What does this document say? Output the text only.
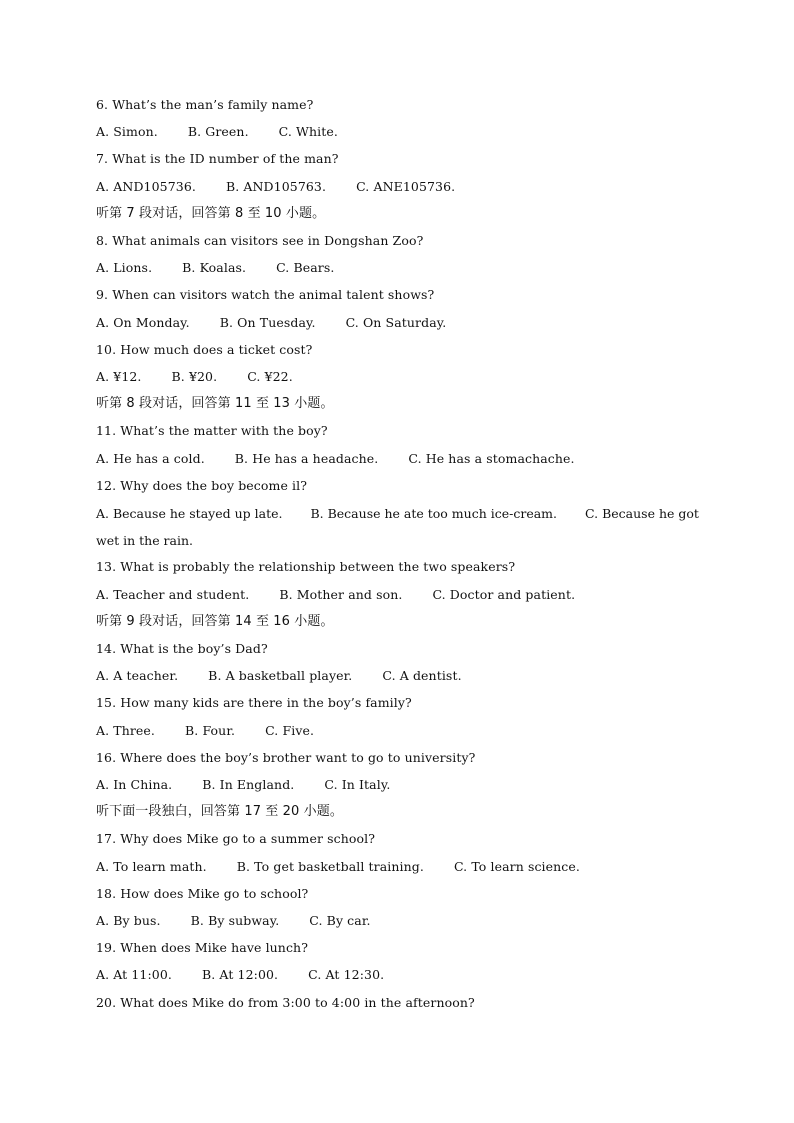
6. What’s the man’s family name?
A. Simon. B. Green. C. White.
7. What is the ID number of the man?
A. AND105736. B. AND105763. C. ANE105736.
听第 7 段对话，回答第 8 至 10 小题。
8. What animals can visitors see in Dongshan Zoo?
A. Lions. B. Koalas. C. Bears.
9. When can visitors watch the animal talent shows?
A. On Monday. B. On Tuesday. C. On Saturday.
10. How much does a ticket cost?
A. ¥12. B. ¥20. C. ¥22.
听第 8 段对话，回答第 11 至 13 小题。
11. What’s the matter with the boy?
A. He has a cold. B. He has a headache. C. He has a stomachache.
12. Why does the boy become il?
A. Because he stayed up late. B. Because he ate too much ice-cream. C. Because he got wet in the rain.
13. What is probably the relationship between the two speakers?
A. Teacher and student. B. Mother and son. C. Doctor and patient.
听第 9 段对话，回答第 14 至 16 小题。
14. What is the boy’s Dad?
A. A teacher. B. A basketball player. C. A dentist.
15. How many kids are there in the boy’s family?
A. Three. B. Four. C. Five.
16. Where does the boy’s brother want to go to university?
A. In China. B. In England. C. In Italy.
听下面一段独白，回答第 17 至 20 小题。
17. Why does Mike go to a summer school?
A. To learn math. B. To get basketball training. C. To learn science.
18. How does Mike go to school?
A. By bus. B. By subway. C. By car.
19. When does Mike have lunch?
A. At 11:00. B. At 12:00. C. At 12:30.
20. What does Mike do from 3:00 to 4:00 in the afternoon?
